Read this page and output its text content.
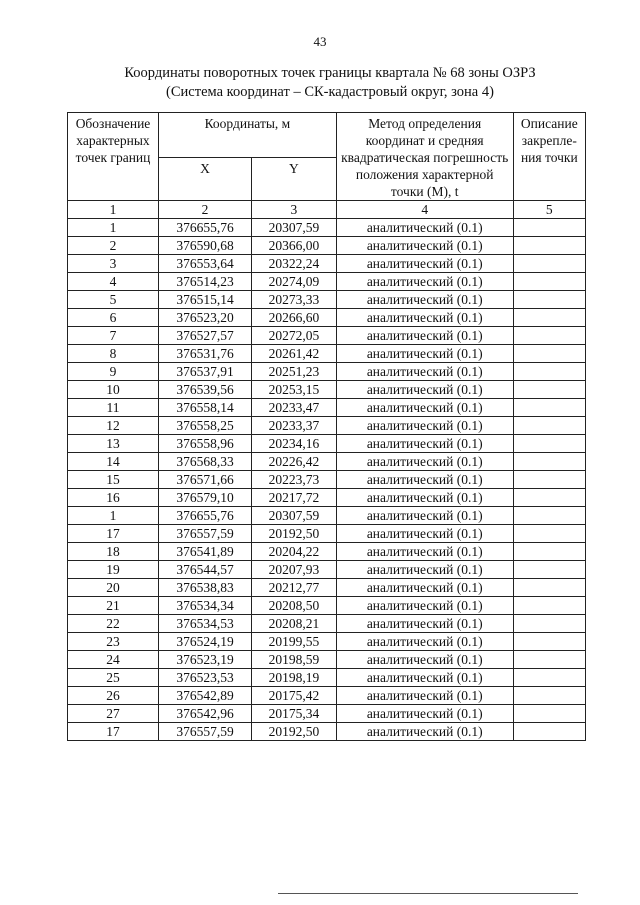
43
Координаты поворотных точек границы квартала № 68 зоны ОЗРЗ
(Система координат – СК-кадастровый округ, зона 4)
Обозначение характерных точек границ	Координаты, м		Метод определения координат и средняя квадратическая погрешность положения характерной точки (М), t	Описание закрепле-ния точки
	X	Y		
1	2	3	4	5
1	376655,76	20307,59	аналитический (0.1)	
2	376590,68	20366,00	аналитический (0.1)	
3	376553,64	20322,24	аналитический (0.1)	
4	376514,23	20274,09	аналитический (0.1)	
5	376515,14	20273,33	аналитический (0.1)	
6	376523,20	20266,60	аналитический (0.1)	
7	376527,57	20272,05	аналитический (0.1)	
8	376531,76	20261,42	аналитический (0.1)	
9	376537,91	20251,23	аналитический (0.1)	
10	376539,56	20253,15	аналитический (0.1)	
11	376558,14	20233,47	аналитический (0.1)	
12	376558,25	20233,37	аналитический (0.1)	
13	376558,96	20234,16	аналитический (0.1)	
14	376568,33	20226,42	аналитический (0.1)	
15	376571,66	20223,73	аналитический (0.1)	
16	376579,10	20217,72	аналитический (0.1)	
1	376655,76	20307,59	аналитический (0.1)	
17	376557,59	20192,50	аналитический (0.1)	
18	376541,89	20204,22	аналитический (0.1)	
19	376544,57	20207,93	аналитический (0.1)	
20	376538,83	20212,77	аналитический (0.1)	
21	376534,34	20208,50	аналитический (0.1)	
22	376534,53	20208,21	аналитический (0.1)	
23	376524,19	20199,55	аналитический (0.1)	
24	376523,19	20198,59	аналитический (0.1)	
25	376523,53	20198,19	аналитический (0.1)	
26	376542,89	20175,42	аналитический (0.1)	
27	376542,96	20175,34	аналитический (0.1)	
17	376557,59	20192,50	аналитический (0.1)	
